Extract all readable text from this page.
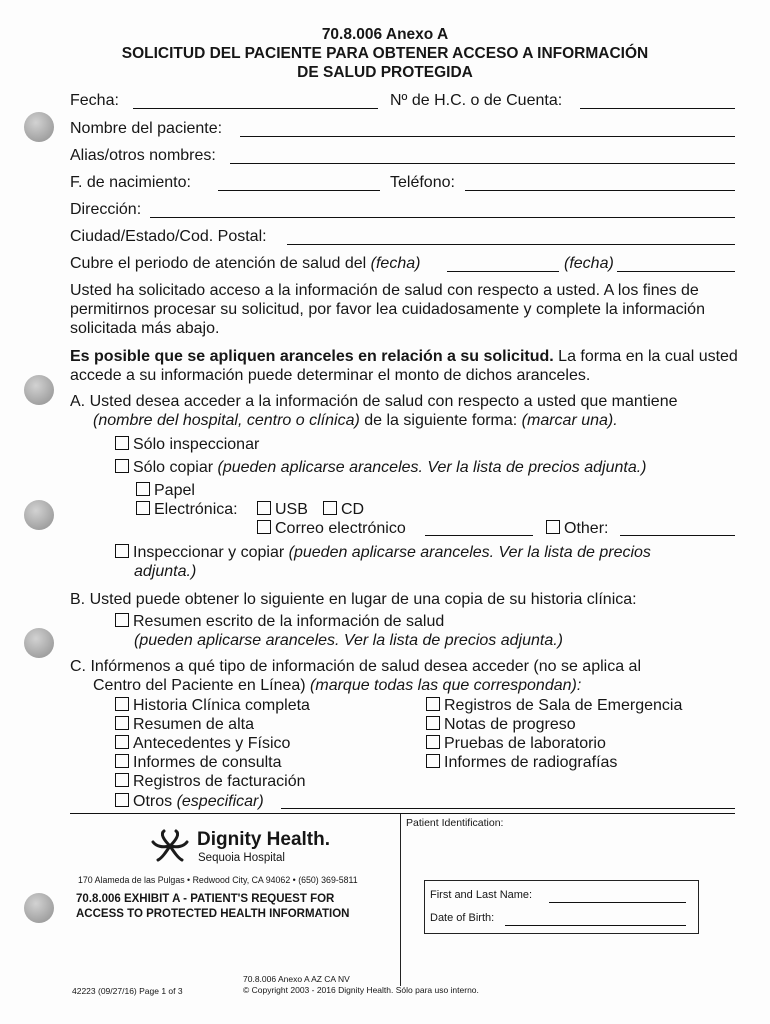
70.8.006 Anexo A
SOLICITUD DEL PACIENTE PARA OBTENER ACCESO A INFORMACIÓN
DE SALUD PROTEGIDA
Fecha:	Nº de H.C. o de Cuenta:
Nombre del paciente:
Alias/otros nombres:
F. de nacimiento:	Teléfono:
Dirección:
Ciudad/Estado/Cod. Postal:
Cubre el periodo de atención de salud del (fecha)	(fecha)
Usted ha solicitado acceso a la información de salud con respecto a usted. A los fines de permitirnos procesar su solicitud, por favor lea cuidadosamente y complete la información solicitada más abajo.
Es posible que se apliquen aranceles en relación a su solicitud. La forma en la cual usted accede a su información puede determinar el monto de dichos aranceles.
A. Usted desea acceder a la información de salud con respecto a usted que mantiene
(nombre del hospital, centro o clínica) de la siguiente forma: (marcar una).
Sólo inspeccionar
Sólo copiar (pueden aplicarse aranceles. Ver la lista de precios adjunta.)
Papel
Electrónica:	USB	CD
Correo electrónico	Other:
Inspeccionar y copiar (pueden aplicarse aranceles. Ver la lista de precios
adjunta.)
B. Usted puede obtener lo siguiente en lugar de una copia de su historia clínica:
Resumen escrito de la información de salud
(pueden aplicarse aranceles. Ver la lista de precios adjunta.)
C. Infórmenos a qué tipo de información de salud desea acceder (no se aplica al
Centro del Paciente en Línea) (marque todas las que correspondan):
Historia Clínica completa
Resumen de alta
Antecedentes y Físico
Informes de consulta
Registros de facturación
Registros de Sala de Emergencia
Notas de progreso
Pruebas de laboratorio
Informes de radiografías
Otros (especificar)
Dignity Health.
Sequoia Hospital
170 Alameda de las Pulgas • Redwood City, CA 94062 • (650) 369-5811
70.8.006 EXHIBIT A - PATIENT'S REQUEST FOR
ACCESS TO PROTECTED HEALTH INFORMATION
Patient Identification:
First and Last Name:
Date of Birth:
42223 (09/27/16) Page 1 of 3
70.8.006 Anexo A AZ CA NV
© Copyright 2003 - 2016 Dignity Health. Sólo para uso interno.
